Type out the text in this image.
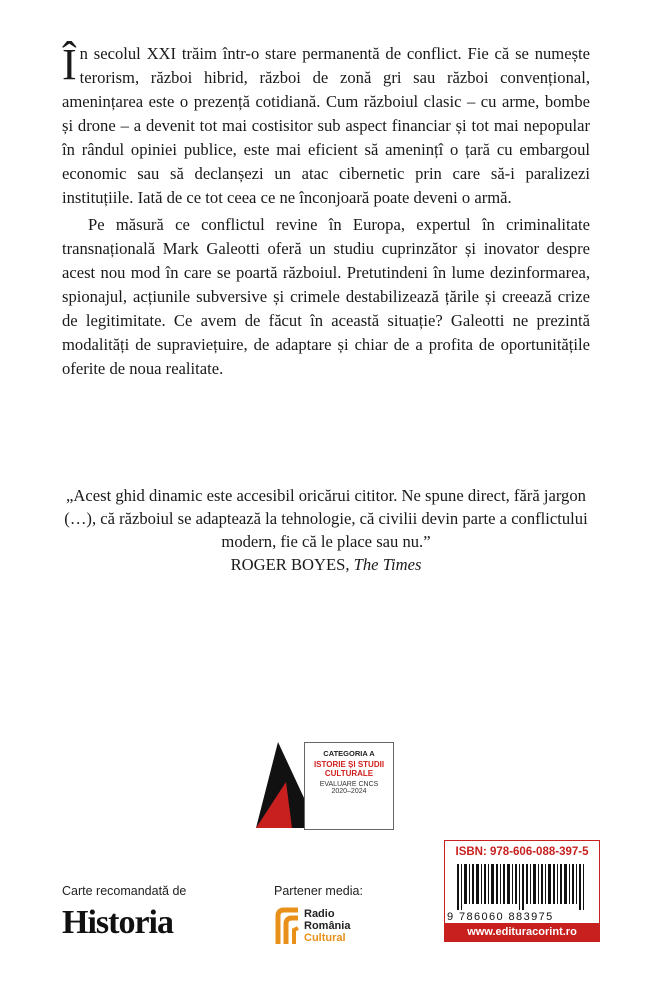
În secolul XXI trăim într-o stare permanentă de conflict. Fie că se numește terorism, război hibrid, război de zonă gri sau război convențional, amenințarea este o prezență cotidiană. Cum războiul clasic – cu arme, bombe și drone – a devenit tot mai costisitor sub aspect financiar și tot mai nepopular în rândul opiniei publice, este mai eficient să amenințî o țară cu embargoul economic sau să declanșezi un atac cibernetic prin care să-i paralizezi instituțiile. Iată de ce tot ceea ce ne înconjoară poate deveni o armă.

Pe măsură ce conflictul revine în Europa, expertul în criminalitate transnațională Mark Galeotti oferă un studiu cuprinzător și inovator despre acest nou mod în care se poartă războiul. Pretutindeni în lume dezinformarea, spionajul, acțiunile subversive și crimele destabilizează țările și creează crize de legitimitate. Ce avem de făcut în această situație? Galeotti ne prezintă modalități de supraviețuire, de adaptare și chiar de a profita de oportunitățile oferite de noua realitate.

„Acest ghid dinamic este accesibil oricărui cititor. Ne spune direct, fără jargon (…), că războiul se adaptează la tehnologie, că civilii devin parte a conflictului modern, fie că le place sau nu.”
ROGER BOYES, The Times
CATEGORIA A
ISTORIE ȘI STUDII CULTURALE
EVALUARE CNCS
2020–2024
Carte recomandată de
Historia
Partener media:
Radio
România
Cultural
ISBN: 978-606-088-397-5
9 786060 883975
www.edituracorint.ro
